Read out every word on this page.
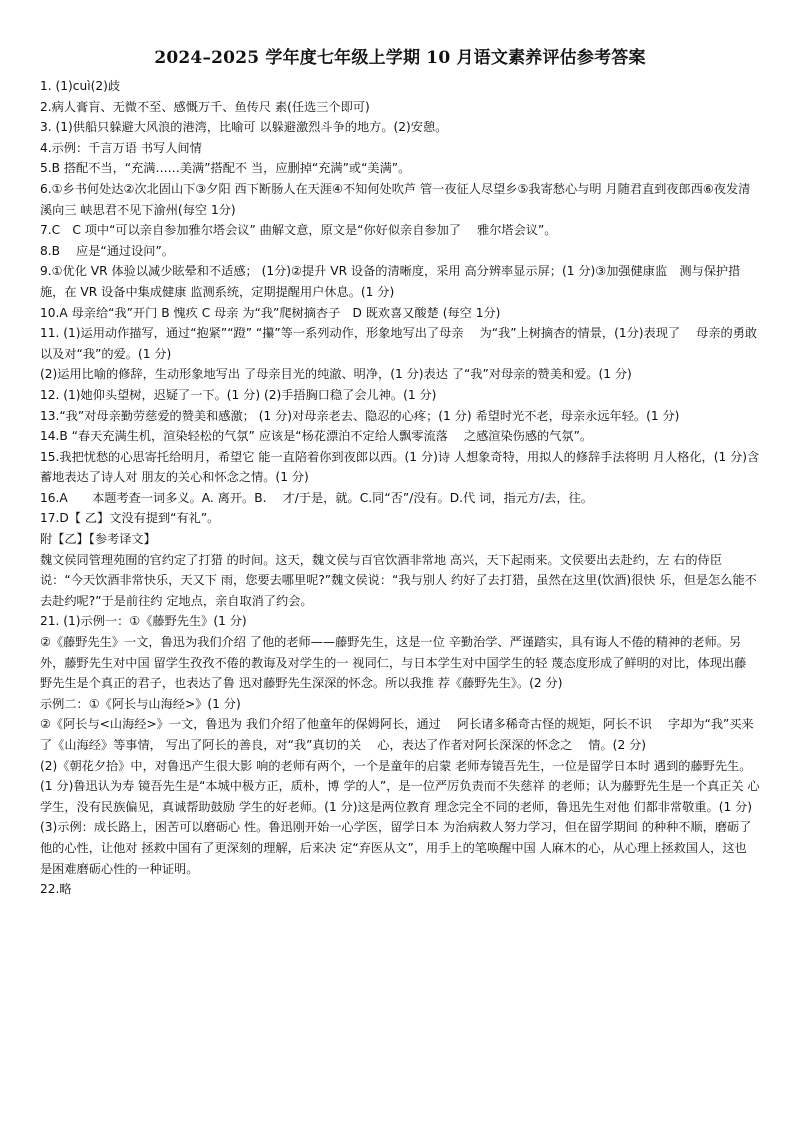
2024–2025 学年度七年级上学期 10 月语文素养评估参考答案

1. (1)cuì(2)歧

2.病人膏肓、无微不至、感慨万千、鱼传尺 素(任选三个即可)

3. (1)供船只躲避大风浪的港湾，比喻可 以躲避激烈斗争的地方。(2)安憩。

4.示例：千言万语 书写人间情

5.B 搭配不当，“充满……美满”搭配不 当，应删掉“充满”或“美满”。

6.①乡书何处达②次北固山下③夕阳 西下断肠人在天涯④不知何处吹芦 管一夜征人尽望乡⑤我寄愁心与明 月随君直到夜郎西⑥夜发清溪向三 峡思君不见下渝州(每空 1分)

7.C　C 项中“可以亲自参加雅尔塔会议” 曲解文意，原文是“你好似亲自参加了　 雅尔塔会议”。

8.B　 应是“通过设问”。

9.①优化 VR 体验以减少眩晕和不适感； (1分)②提升 VR 设备的清晰度，采用 高分辨率显示屏；(1 分)③加强健康监　测与保护措施，在 VR 设备中集成健康 监测系统，定期提醒用户休息。(1 分)

10.A 母亲给“我”开门 B 愧疚 C 母亲 为“我”爬树摘杏子　D 既欢喜又酸楚 (每空 1分)

11. (1)运用动作描写，通过“抱紧”“蹬” “攥”等一系列动作，形象地写出了母亲　 为“我”上树摘杏的情景，(1分)表现了　 母亲的勇敢以及对“我”的爱。(1 分)

(2)运用比喻的修辞，生动形象地写出 了母亲目光的纯澈、明净，(1 分)表达 了“我”对母亲的赞美和爱。(1 分)

12. (1)她仰头望树，迟疑了一下。(1 分) (2)手捂胸口稳了会儿神。(1 分)

13.“我”对母亲勤劳慈爱的赞美和感激； (1 分)对母亲老去、隐忍的心疼；(1 分) 希望时光不老，母亲永远年轻。(1 分)

14.B “春天充满生机，渲染轻松的气氛” 应该是“杨花漂泊不定给人飘零流落　 之感渲染伤感的气氛”。

15.我把忧愁的心思寄托给明月，希望它 能一直陪着你到夜郎以西。(1 分)诗 人想象奇特，用拟人的修辞手法将明 月人格化，(1 分)含蓄地表达了诗人对 朋友的关心和怀念之情。(1 分)

16.A　　本题考查一词多义。A. 离开。B.　 才/于是，就。C.同“否”/没有。D.代 词，指元方/去，往。

17.D【 乙】文没有提到“有礼”。

附【乙】【参考译文】

魏文侯同管理苑囿的官约定了打猎 的时间。这天，魏文侯与百官饮酒非常地 高兴，天下起雨来。文侯要出去赴约，左 右的侍臣说：“今天饮酒非常快乐，天又下 雨，您要去哪里呢?”魏文侯说：“我与别人 约好了去打猎，虽然在这里(饮酒)很快 乐，但是怎么能不去赴约呢?”于是前往约 定地点，亲自取消了约会。

21. (1)示例一：①《藤野先生》(1 分)

②《藤野先生》一文，鲁迅为我们介绍 了他的老师——藤野先生，这是一位 辛勤治学、严谨踏实，具有诲人不倦的精神的老师。另外，藤野先生对中国 留学生孜孜不倦的教诲及对学生的一 视同仁，与日本学生对中国学生的轻 蔑态度形成了鲜明的对比，体现出藤 野先生是个真正的君子，也表达了鲁 迅对藤野先生深深的怀念。所以我推 荐《藤野先生》。(2 分)

示例二：①《阿长与山海经>》(1 分)

②《阿长与<山海经>》一文，鲁迅为 我们介绍了他童年的保姆阿长，通过　 阿长诸多稀奇古怪的规矩，阿长不识　 字却为“我”买来了《山海经》等事情， 写出了阿长的善良，对“我”真切的关　 心，表达了作者对阿长深深的怀念之　 情。(2 分)

(2)《朝花夕拾》中，对鲁迅产生很大影 响的老师有两个，一个是童年的启蒙 老师寿镜吾先生，一位是留学日本时 遇到的藤野先生。(1 分)鲁迅认为寿 镜吾先生是“本城中极方正，质朴，博 学的人”，是一位严厉负责而不失慈祥 的老师；认为藤野先生是一个真正关 心学生，没有民族偏见，真诚帮助鼓励 学生的好老师。(1 分)这是两位教育 理念完全不同的老师，鲁迅先生对他 们都非常敬重。(1 分)

(3)示例：成长路上，困苦可以磨砺心 性。鲁迅刚开始一心学医，留学日本 为治病救人努力学习，但在留学期间 的种种不顺，磨砺了他的心性，让他对 拯救中国有了更深刻的理解，后来决 定“弃医从文”，用手上的笔唤醒中国 人麻木的心，从心理上拯救国人，这也 是困难磨砺心性的一种证明。

22.略
